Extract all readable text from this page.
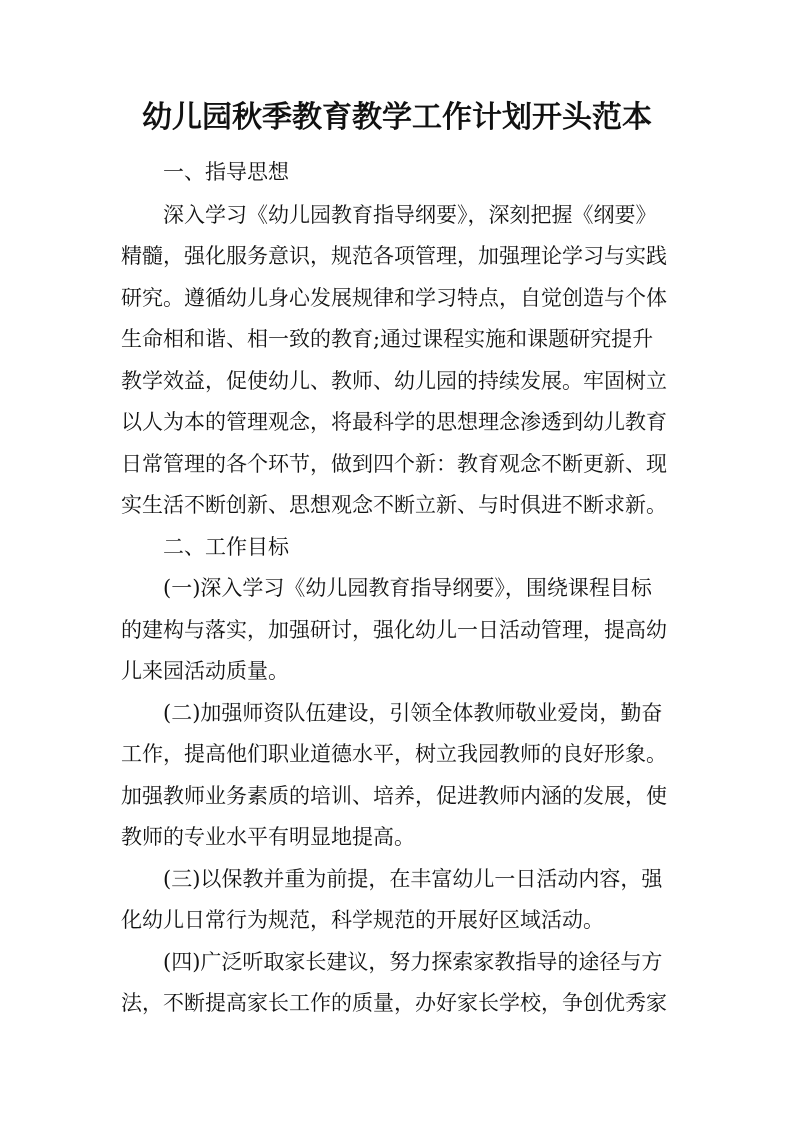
幼儿园秋季教育教学工作计划开头范本
一、指导思想
深入学习《幼儿园教育指导纲要》，深刻把握《纲要》
精髓，强化服务意识，规范各项管理，加强理论学习与实践
研究。遵循幼儿身心发展规律和学习特点，自觉创造与个体
生命相和谐、相一致的教育;通过课程实施和课题研究提升
教学效益，促使幼儿、教师、幼儿园的持续发展。牢固树立
以人为本的管理观念，将最科学的思想理念渗透到幼儿教育
日常管理的各个环节，做到四个新：教育观念不断更新、现
实生活不断创新、思想观念不断立新、与时俱进不断求新。
二、工作目标
(一)深入学习《幼儿园教育指导纲要》，围绕课程目标
的建构与落实，加强研讨，强化幼儿一日活动管理，提高幼
儿来园活动质量。
(二)加强师资队伍建设，引领全体教师敬业爱岗，勤奋
工作，提高他们职业道德水平，树立我园教师的良好形象。
加强教师业务素质的培训、培养，促进教师内涵的发展，使
教师的专业水平有明显地提高。
(三)以保教并重为前提，在丰富幼儿一日活动内容，强
化幼儿日常行为规范，科学规范的开展好区域活动。
(四)广泛听取家长建议，努力探索家教指导的途径与方
法，不断提高家长工作的质量，办好家长学校，争创优秀家
